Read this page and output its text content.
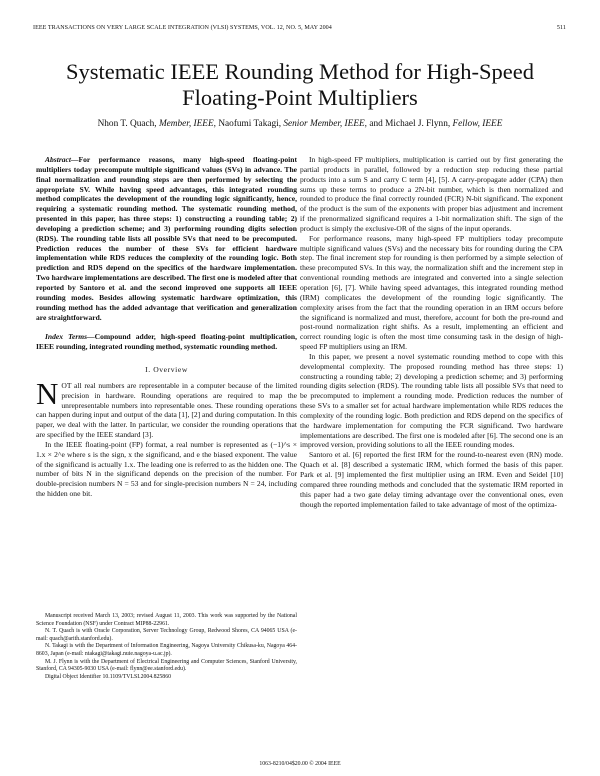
IEEE TRANSACTIONS ON VERY LARGE SCALE INTEGRATION (VLSI) SYSTEMS, VOL. 12, NO. 5, MAY 2004	511
Systematic IEEE Rounding Method for High-Speed
Floating-Point Multipliers
Nhon T. Quach, Member, IEEE, Naofumi Takagi, Senior Member, IEEE, and Michael J. Flynn, Fellow, IEEE

Abstract—For performance reasons, many high-speed floating-point multipliers today precompute multiple significand values (SVs) in advance. The final normalization and rounding steps are then performed by selecting the appropriate SV. While having speed advantages, this integrated rounding method complicates the development of the rounding logic significantly, hence, requiring a systematic rounding method. The systematic rounding method, presented in this paper, has three steps: 1) constructing a rounding table; 2) developing a prediction scheme; and 3) performing rounding digits selection (RDS). The rounding table lists all possible SVs that need to be precomputed. Prediction reduces the number of these SVs for efficient hardware implementation while RDS reduces the complexity of the rounding logic. Both prediction and RDS depend on the specifics of the hardware implementation. Two hardware implementations are described. The first one is modeled after that reported by Santoro et al. and the second improved one supports all IEEE rounding modes. Besides allowing systematic hardware optimization, this rounding method has the added advantage that verification and generalization are straightforward.

Index Terms—Compound adder, high-speed floating-point multiplication, IEEE rounding, integrated rounding method, systematic rounding method.

I. Overview

NOT all real numbers are representable in a computer because of the limited precision in hardware. Rounding operations are required to map the unrepresentable numbers into representable ones. These rounding operations can happen during input and output of the data [1], [2] and during computation. In this paper, we deal with the latter. In particular, we consider the rounding operations that are specified by the IEEE standard [3].

In the IEEE floating-point (FP) format, a real number is represented as (−1)^s × 1.x × 2^e where s is the sign, x the significand, and e the biased exponent. The value of the significand is actually 1.x. The leading one is referred to as the hidden one. The number of bits N in the significand depends on the precision of the number. For double-precision numbers N = 53 and for single-precision numbers N = 24, including the hidden one bit.

Manuscript received March 13, 2003; revised August 11, 2003. This work was supported by the National Science Foundation (NSF) under Contract MIP88-22961.

N. T. Quach is with Oracle Corporation, Server Technology Group, Redwood Shores, CA 94065 USA (e-mail: quach@arith.stanford.edu).

N. Takagi is with the Department of Information Engineering, Nagoya University Chikusa-ku, Nagoya 464-8603, Japan (e-mail: ntakagi@takagi.nuie.nagoya-u.ac.jp).

M. J. Flynn is with the Department of Electrical Engineering and Computer Sciences, Stanford University, Stanford, CA 94305-9030 USA (e-mail: flynn@ee.stanford.edu).

Digital Object Identifier 10.1109/TVLSI.2004.825860

In high-speed FP multipliers, multiplication is carried out by first generating the partial products in parallel, followed by a reduction step reducing these partial products into a sum S and carry C term [4], [5]. A carry-propagate adder (CPA) then sums up these terms to produce a 2N-bit number, which is then normalized and rounded to produce the final correctly rounded (FCR) N-bit significand. The exponent of the product is the sum of the exponents with proper bias adjustment and increment if the prenormalized significand requires a 1-bit normalization shift. The sign of the product is simply the exclusive-OR of the signs of the input operands.

For performance reasons, many high-speed FP multipliers today precompute multiple significand values (SVs) and the necessary bits for rounding during the CPA step. The final increment step for rounding is then performed by a simple selection of these precomputed SVs. In this way, the normalization shift and the increment step in conventional rounding methods are integrated and converted into a single selection operation [6], [7]. While having speed advantages, this integrated rounding method (IRM) complicates the development of the rounding logic significantly. The complexity arises from the fact that the rounding operation in an IRM occurs before the significand is normalized and must, therefore, account for both the pre-round and post-round normalization right shifts. As a result, implementing an efficient and correct rounding logic is often the most time consuming task in the design of high-speed FP multipliers using an IRM.

In this paper, we present a novel systematic rounding method to cope with this developmental complexity. The proposed rounding method has three steps: 1) constructing a rounding table; 2) developing a prediction scheme; and 3) performing rounding digits selection (RDS). The rounding table lists all possible SVs that need to be precomputed to implement a rounding mode. Prediction reduces the number of these SVs to a smaller set for actual hardware implementation while RDS reduces the complexity of the rounding logic. Both prediction and RDS depend on the specifics of the hardware implementation for computing the FCR significand. Two hardware implementations are described. The first one is modeled after [6]. The second one is an improved version, providing solutions to all the IEEE rounding modes.

Santoro et al. [6] reported the first IRM for the round-to-nearest even (RN) mode. Quach et al. [8] described a systematic IRM, which formed the basis of this paper. Park et al. [9] implemented the first multiplier using an IRM. Even and Seidel [10] compared three rounding methods and concluded that the systematic IRM reported in this paper had a two gate delay timing advantage over the conventional ones, even though the reported implementation failed to take advantage of most of the optimiza-

1063-8210/04$20.00 © 2004 IEEE
